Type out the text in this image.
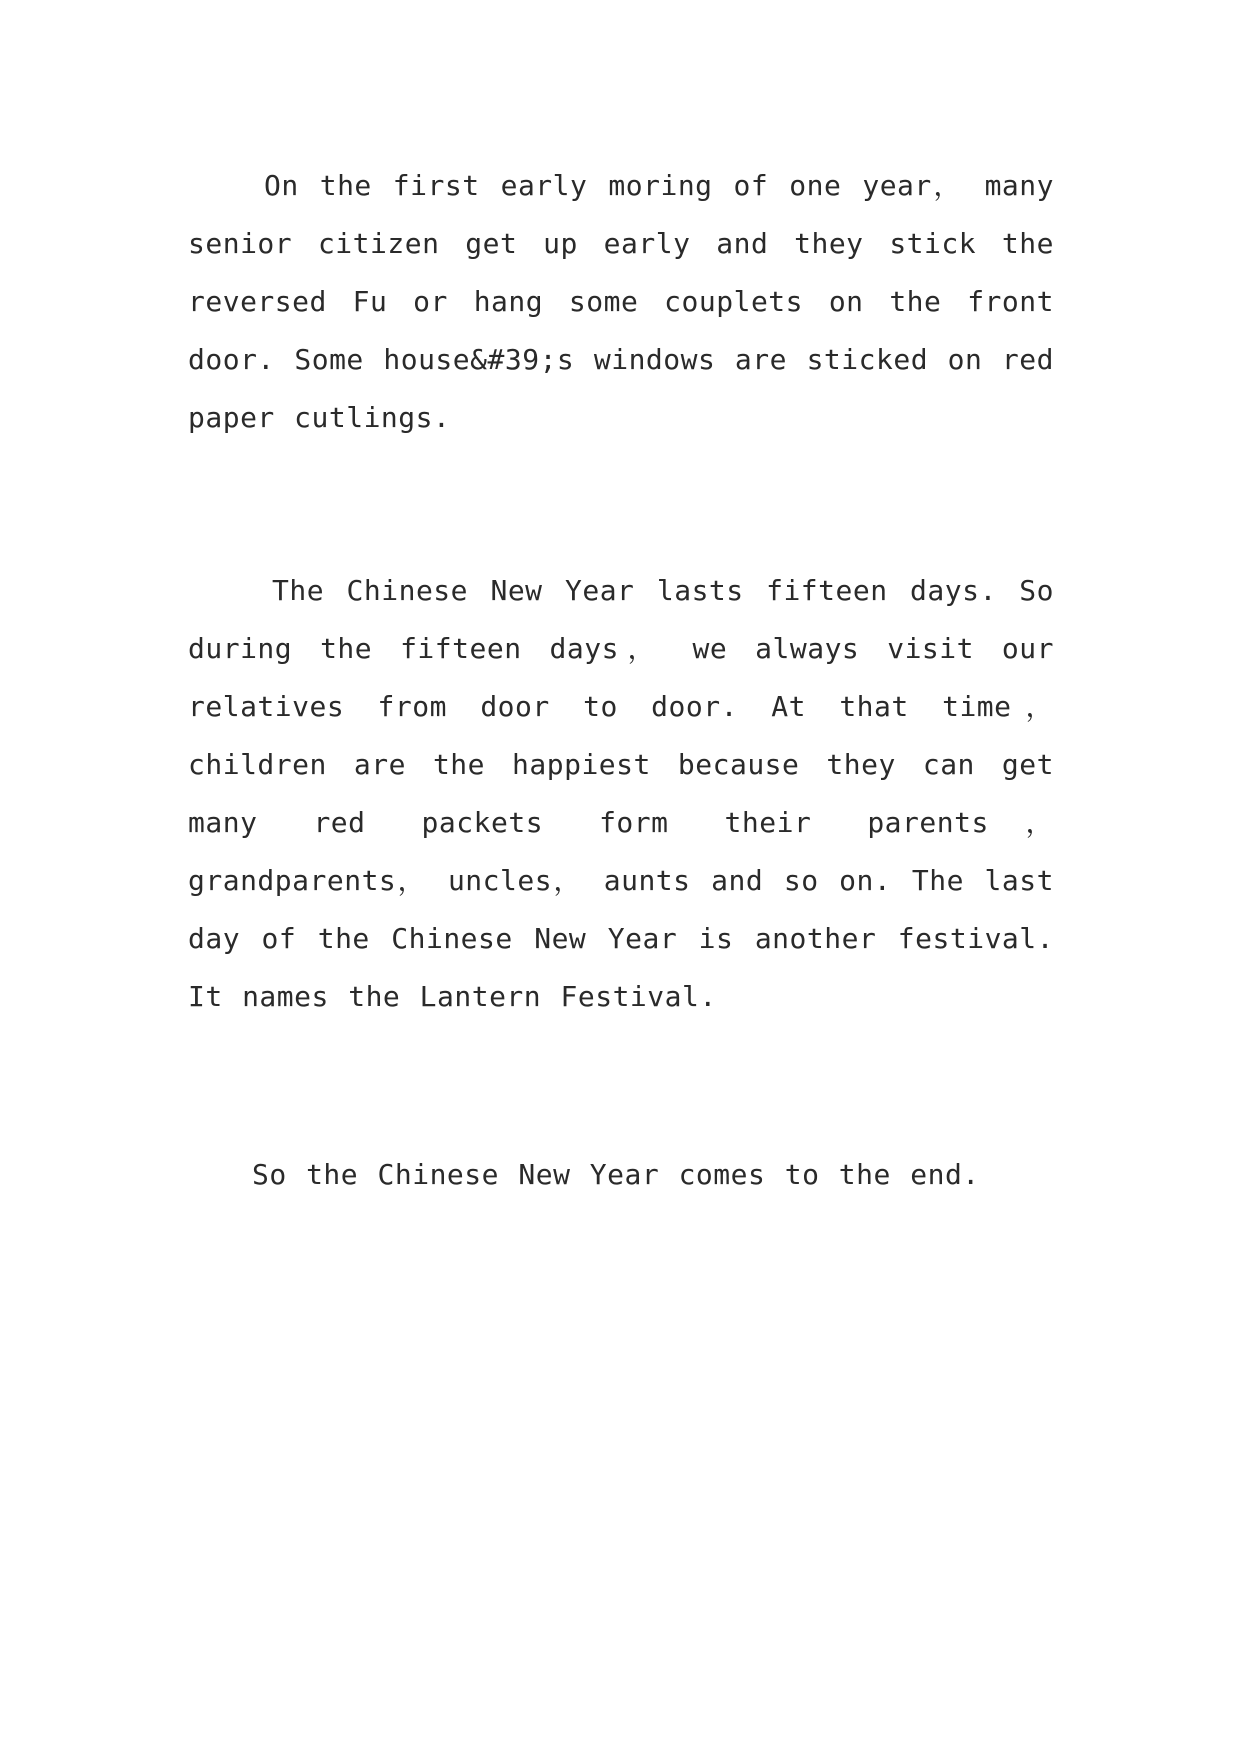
On the first early moring of one year， many senior citizen get up early and they stick the reversed Fu or hang some couplets on the front door. Some house&#39;s windows are sticked on red paper cutlings.

The Chinese New Year lasts fifteen days. So during the fifteen days， we always visit our relatives from door to door. At that time， children are the happiest because they can get many red packets form their parents， grandparents， uncles， aunts and so on. The last day of the Chinese New Year is another festival. It names the Lantern Festival.

So the Chinese New Year comes to the end.
